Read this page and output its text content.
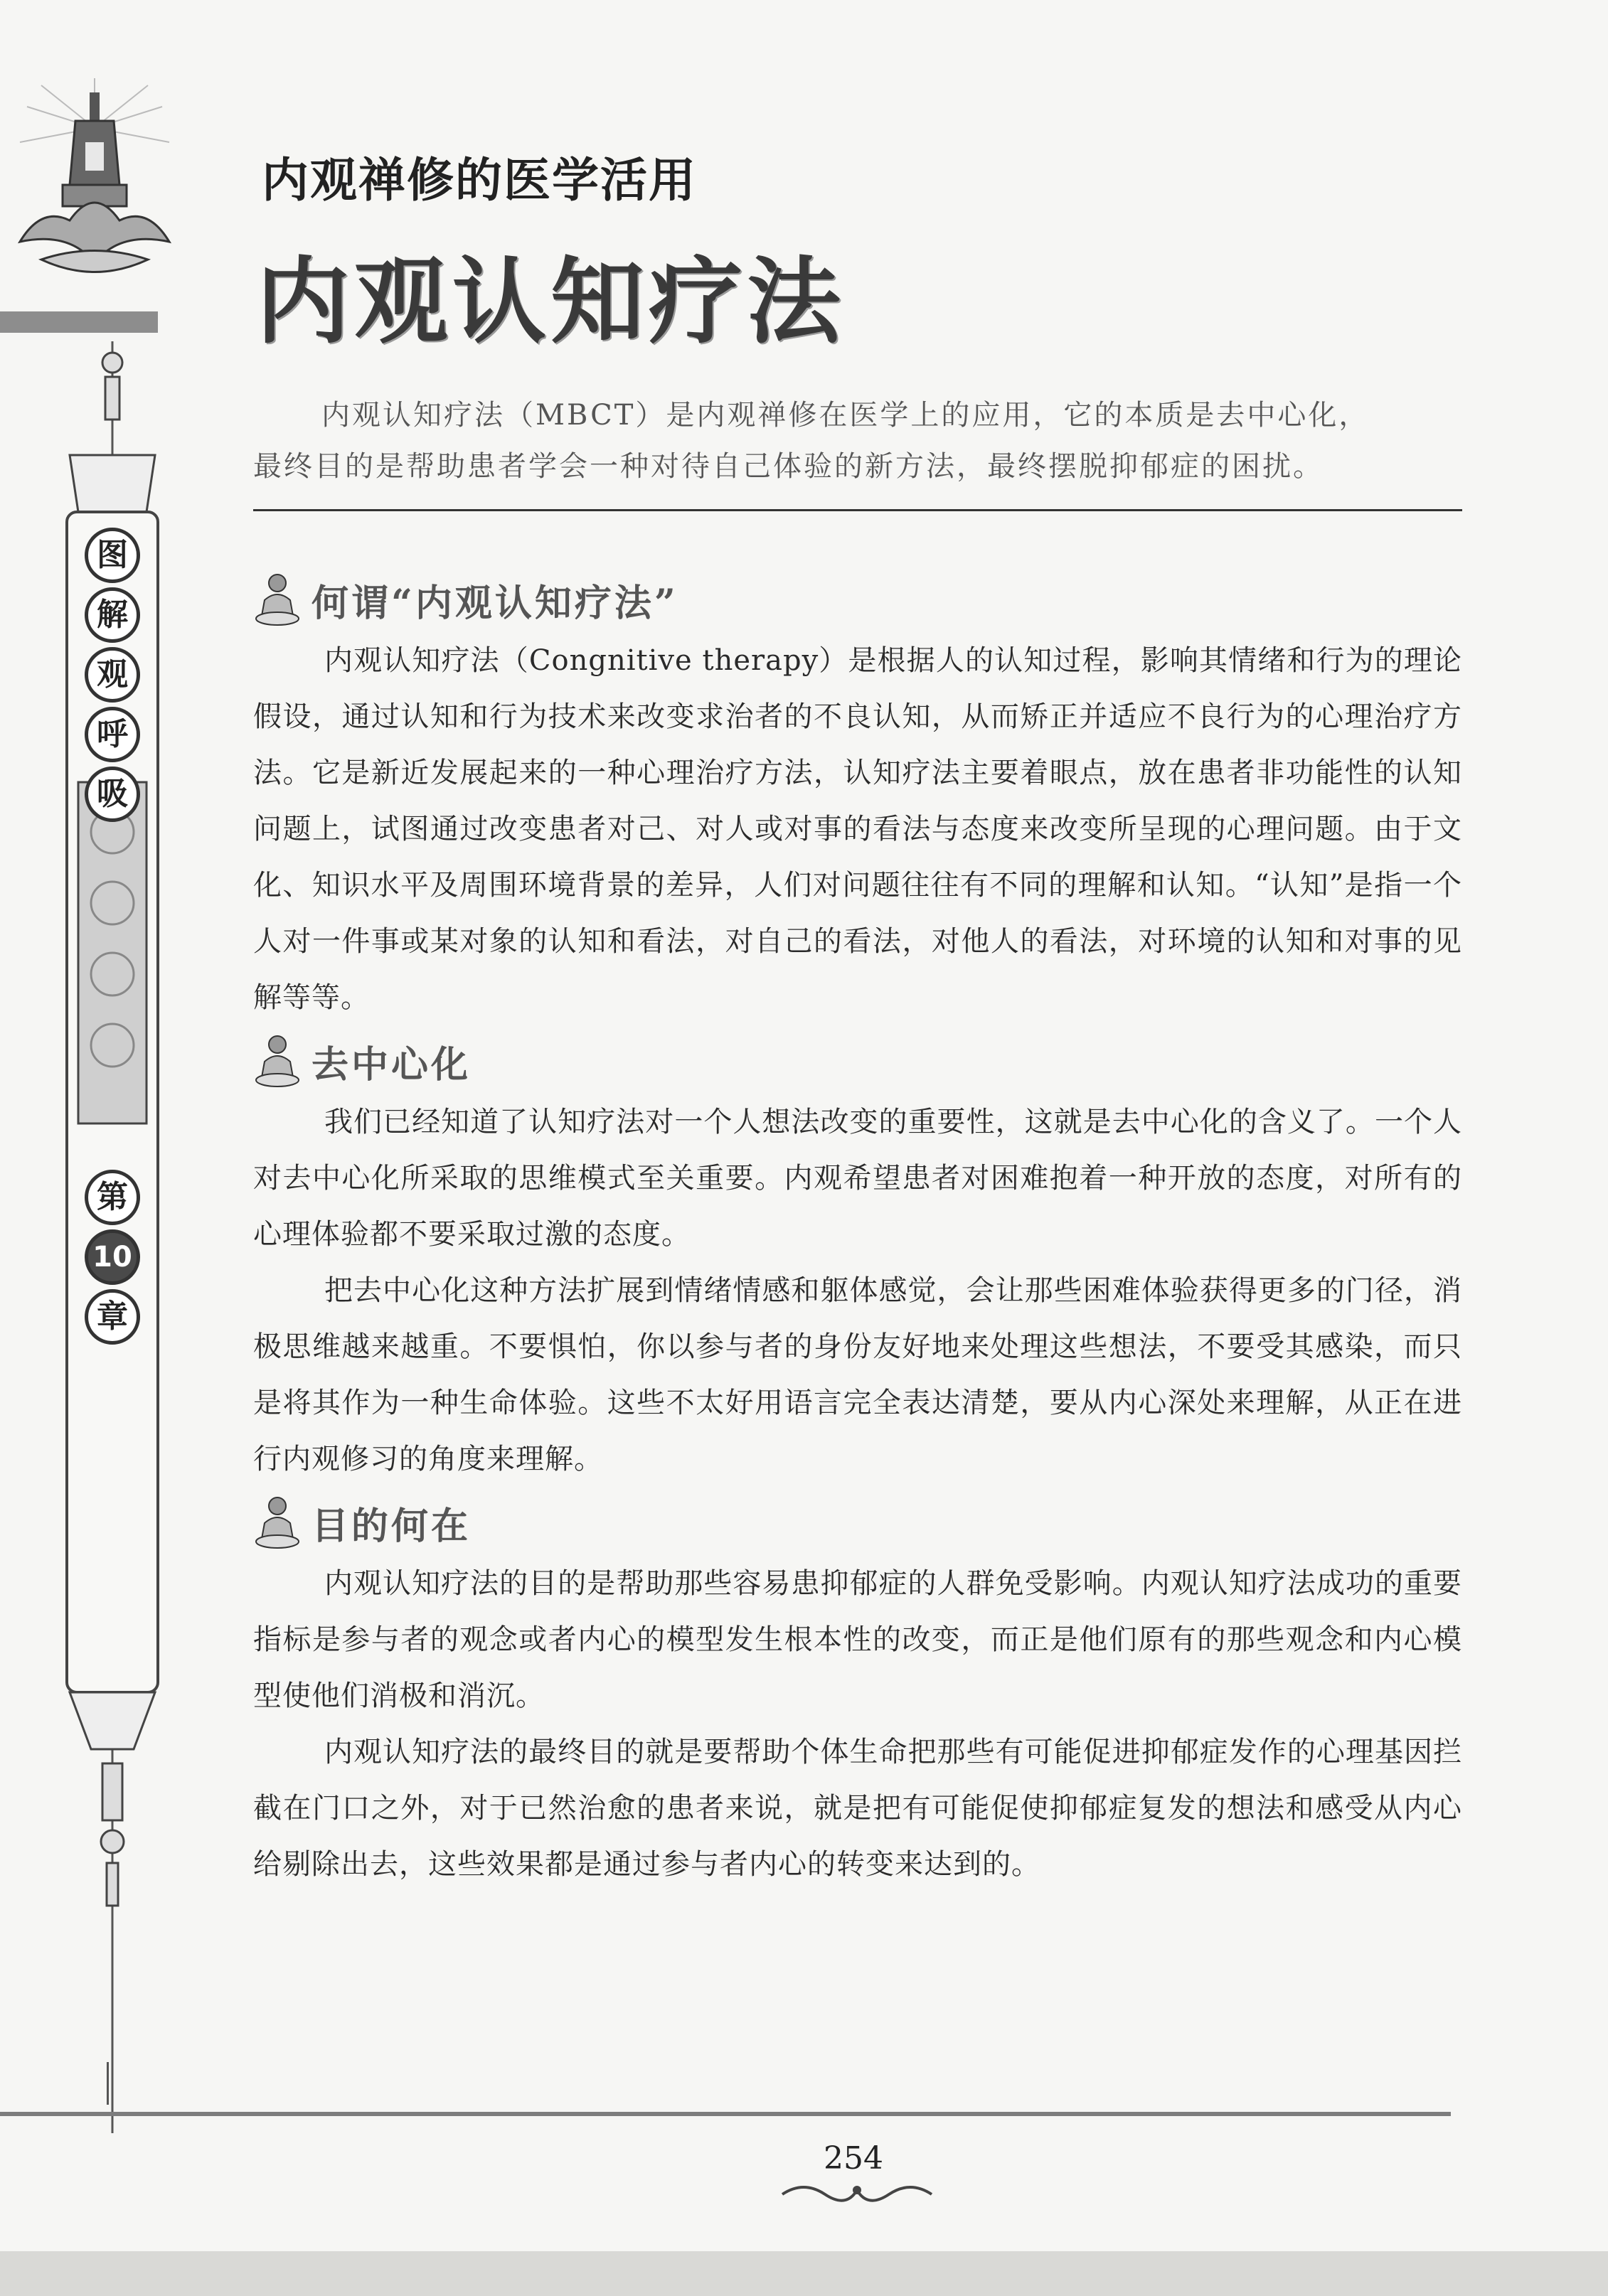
图
解
观
呼
吸
第
10
章
内观禅修的医学活用
内观认知疗法

内观认知疗法（MBCT）是内观禅修在医学上的应用，它的本质是去中心化，

最终目的是帮助患者学会一种对待自己体验的新方法，最终摆脱抑郁症的困扰。

何谓“内观认知疗法”

内观认知疗法（Congnitive therapy）是根据人的认知过程，影响其情绪和行为的理论假设，通过认知和行为技术来改变求治者的不良认知，从而矫正并适应不良行为的心理治疗方法。它是新近发展起来的一种心理治疗方法，认知疗法主要着眼点，放在患者非功能性的认知问题上，试图通过改变患者对己、对人或对事的看法与态度来改变所呈现的心理问题。由于文化、知识水平及周围环境背景的差异，人们对问题往往有不同的理解和认知。“认知”是指一个人对一件事或某对象的认知和看法，对自己的看法，对他人的看法，对环境的认知和对事的见解等等。

去中心化

我们已经知道了认知疗法对一个人想法改变的重要性，这就是去中心化的含义了。一个人对去中心化所采取的思维模式至关重要。内观希望患者对困难抱着一种开放的态度，对所有的心理体验都不要采取过激的态度。

把去中心化这种方法扩展到情绪情感和躯体感觉，会让那些困难体验获得更多的门径，消极思维越来越重。不要惧怕，你以参与者的身份友好地来处理这些想法，不要受其感染，而只是将其作为一种生命体验。这些不太好用语言完全表达清楚，要从内心深处来理解，从正在进行内观修习的角度来理解。

目的何在

内观认知疗法的目的是帮助那些容易患抑郁症的人群免受影响。内观认知疗法成功的重要指标是参与者的观念或者内心的模型发生根本性的改变，而正是他们原有的那些观念和内心模型使他们消极和消沉。

内观认知疗法的最终目的就是要帮助个体生命把那些有可能促进抑郁症发作的心理基因拦截在门口之外，对于已然治愈的患者来说，就是把有可能促使抑郁症复发的想法和感受从内心给剔除出去，这些效果都是通过参与者内心的转变来达到的。

254
